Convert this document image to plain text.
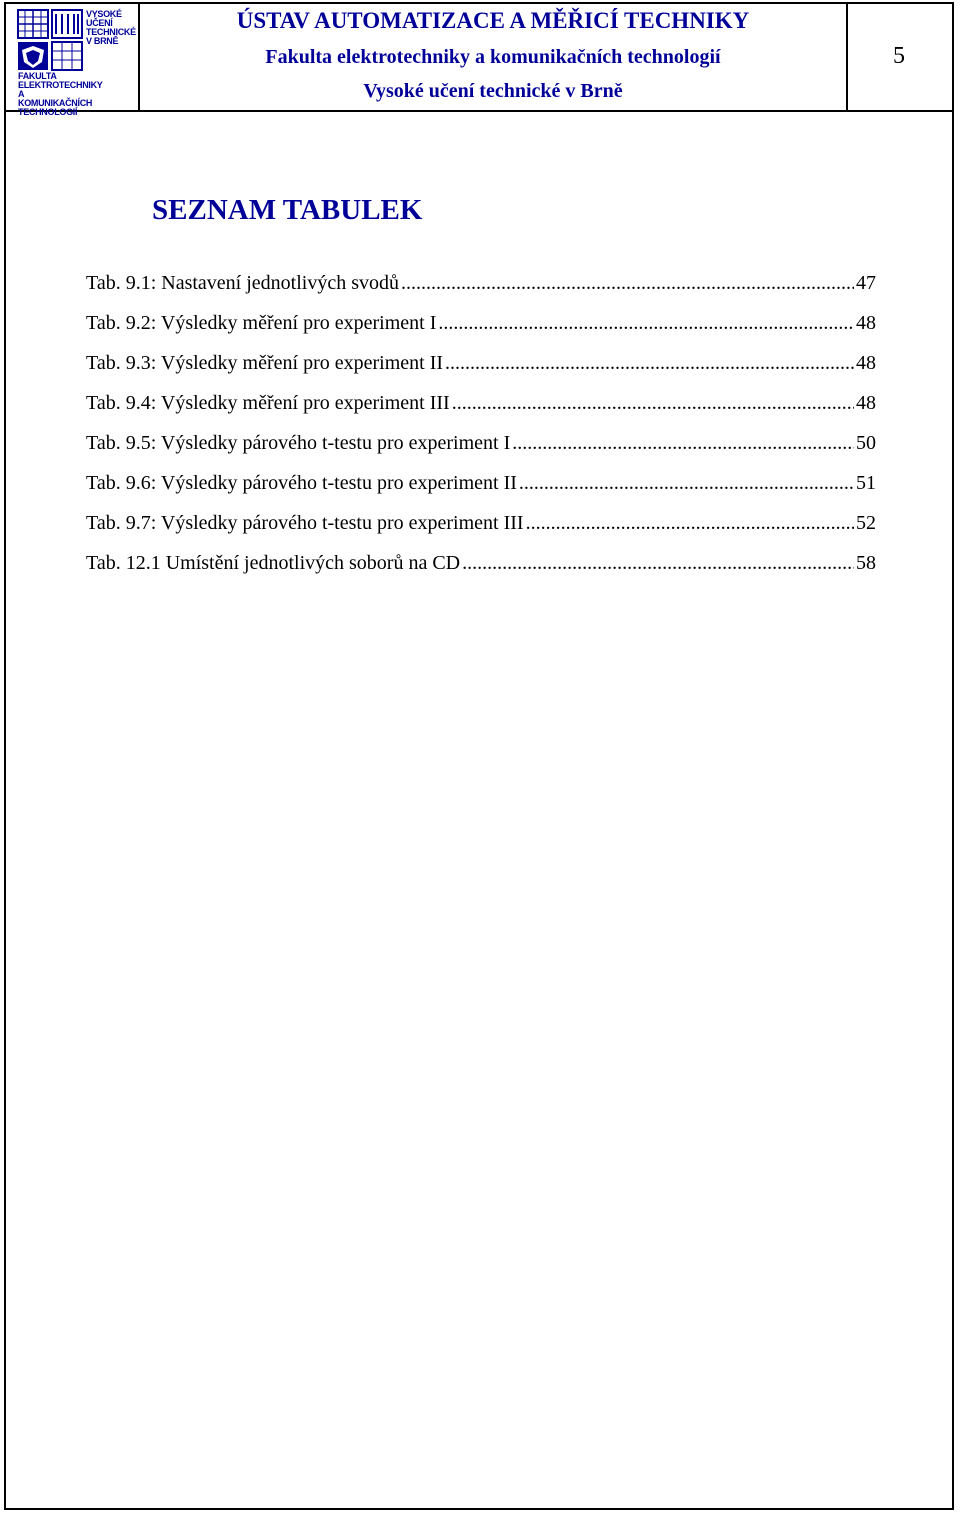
VYSOKÉ
UČENÍ
TECHNICKÉ
V BRNĚ
FAKULTA
ELEKTROTECHNIKY
A KOMUNIKAČNÍCH
TECHNOLOGIÍ
ÚSTAV AUTOMATIZACE A MĚŘICÍ TECHNIKY
Fakulta elektrotechniky a komunikačních technologií
Vysoké učení technické v Brně
5
SEZNAM TABULEK
Tab. 9.1: Nastavení jednotlivých svodů .....	47
Tab. 9.2: Výsledky měření pro experiment I .....	48
Tab. 9.3: Výsledky měření pro experiment II .....	48
Tab. 9.4: Výsledky měření pro experiment III .....	48
Tab. 9.5: Výsledky párového t-testu pro experiment I .....	50
Tab. 9.6: Výsledky párového t-testu pro experiment II .....	51
Tab. 9.7: Výsledky párového t-testu pro experiment III .....	52
Tab. 12.1 Umístění jednotlivých soborů na CD .....	58
